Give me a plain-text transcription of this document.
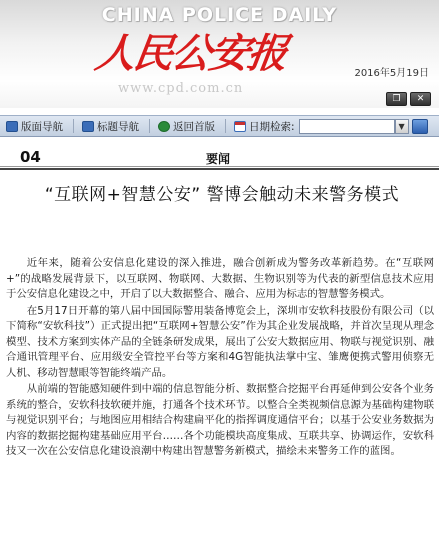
CHINA POLICE DAILY
人民公安报	2016年5月19日
www.cpd.com.cn
❐	✕
版面导航	标题导航	返回首版	日期检索:	▼
04	要闻
“互联网+智慧公安” 警博会触动未来警务模式

近年来，随着公安信息化建设的深入推进，融合创新成为警务改革新趋势。在“互联网+”的战略发展背景下，以互联网、物联网、大数据、生物识别等为代表的新型信息技术应用于公安信息化建设之中，开启了以大数据整合、融合、应用为标志的智慧警务模式。

在5月17日开幕的第八届中国国际警用装备博览会上，深圳市安软科技股份有限公司（以下简称“安软科技”）正式提出把“互联网+智慧公安”作为其企业发展战略，并首次呈现从理念模型、技术方案到实体产品的全链条研发成果，展出了公安大数据应用、物联与视觉识别、融合通讯管理平台、应用级安全管控平台等方案和4G智能执法掌中宝、雏鹰便携式警用侦察无人机、移动智慧眼等智能终端产品。

从前端的智能感知硬件到中端的信息智能分析、数据整合挖掘平台再延伸到公安各个业务系统的整合，安软科技软硬并施，打通各个技术环节。以整合全类视频信息源为基础构建物联与视觉识别平台；与地图应用相结合构建扁平化的指挥调度通信平台；以基于公安业务数据为内容的数据挖掘构建基础应用平台……各个功能模块高度集成、互联共享、协调运作，安软科技又一次在公安信息化建设浪潮中构建出智慧警务新模式，描绘未来警务工作的蓝图。
